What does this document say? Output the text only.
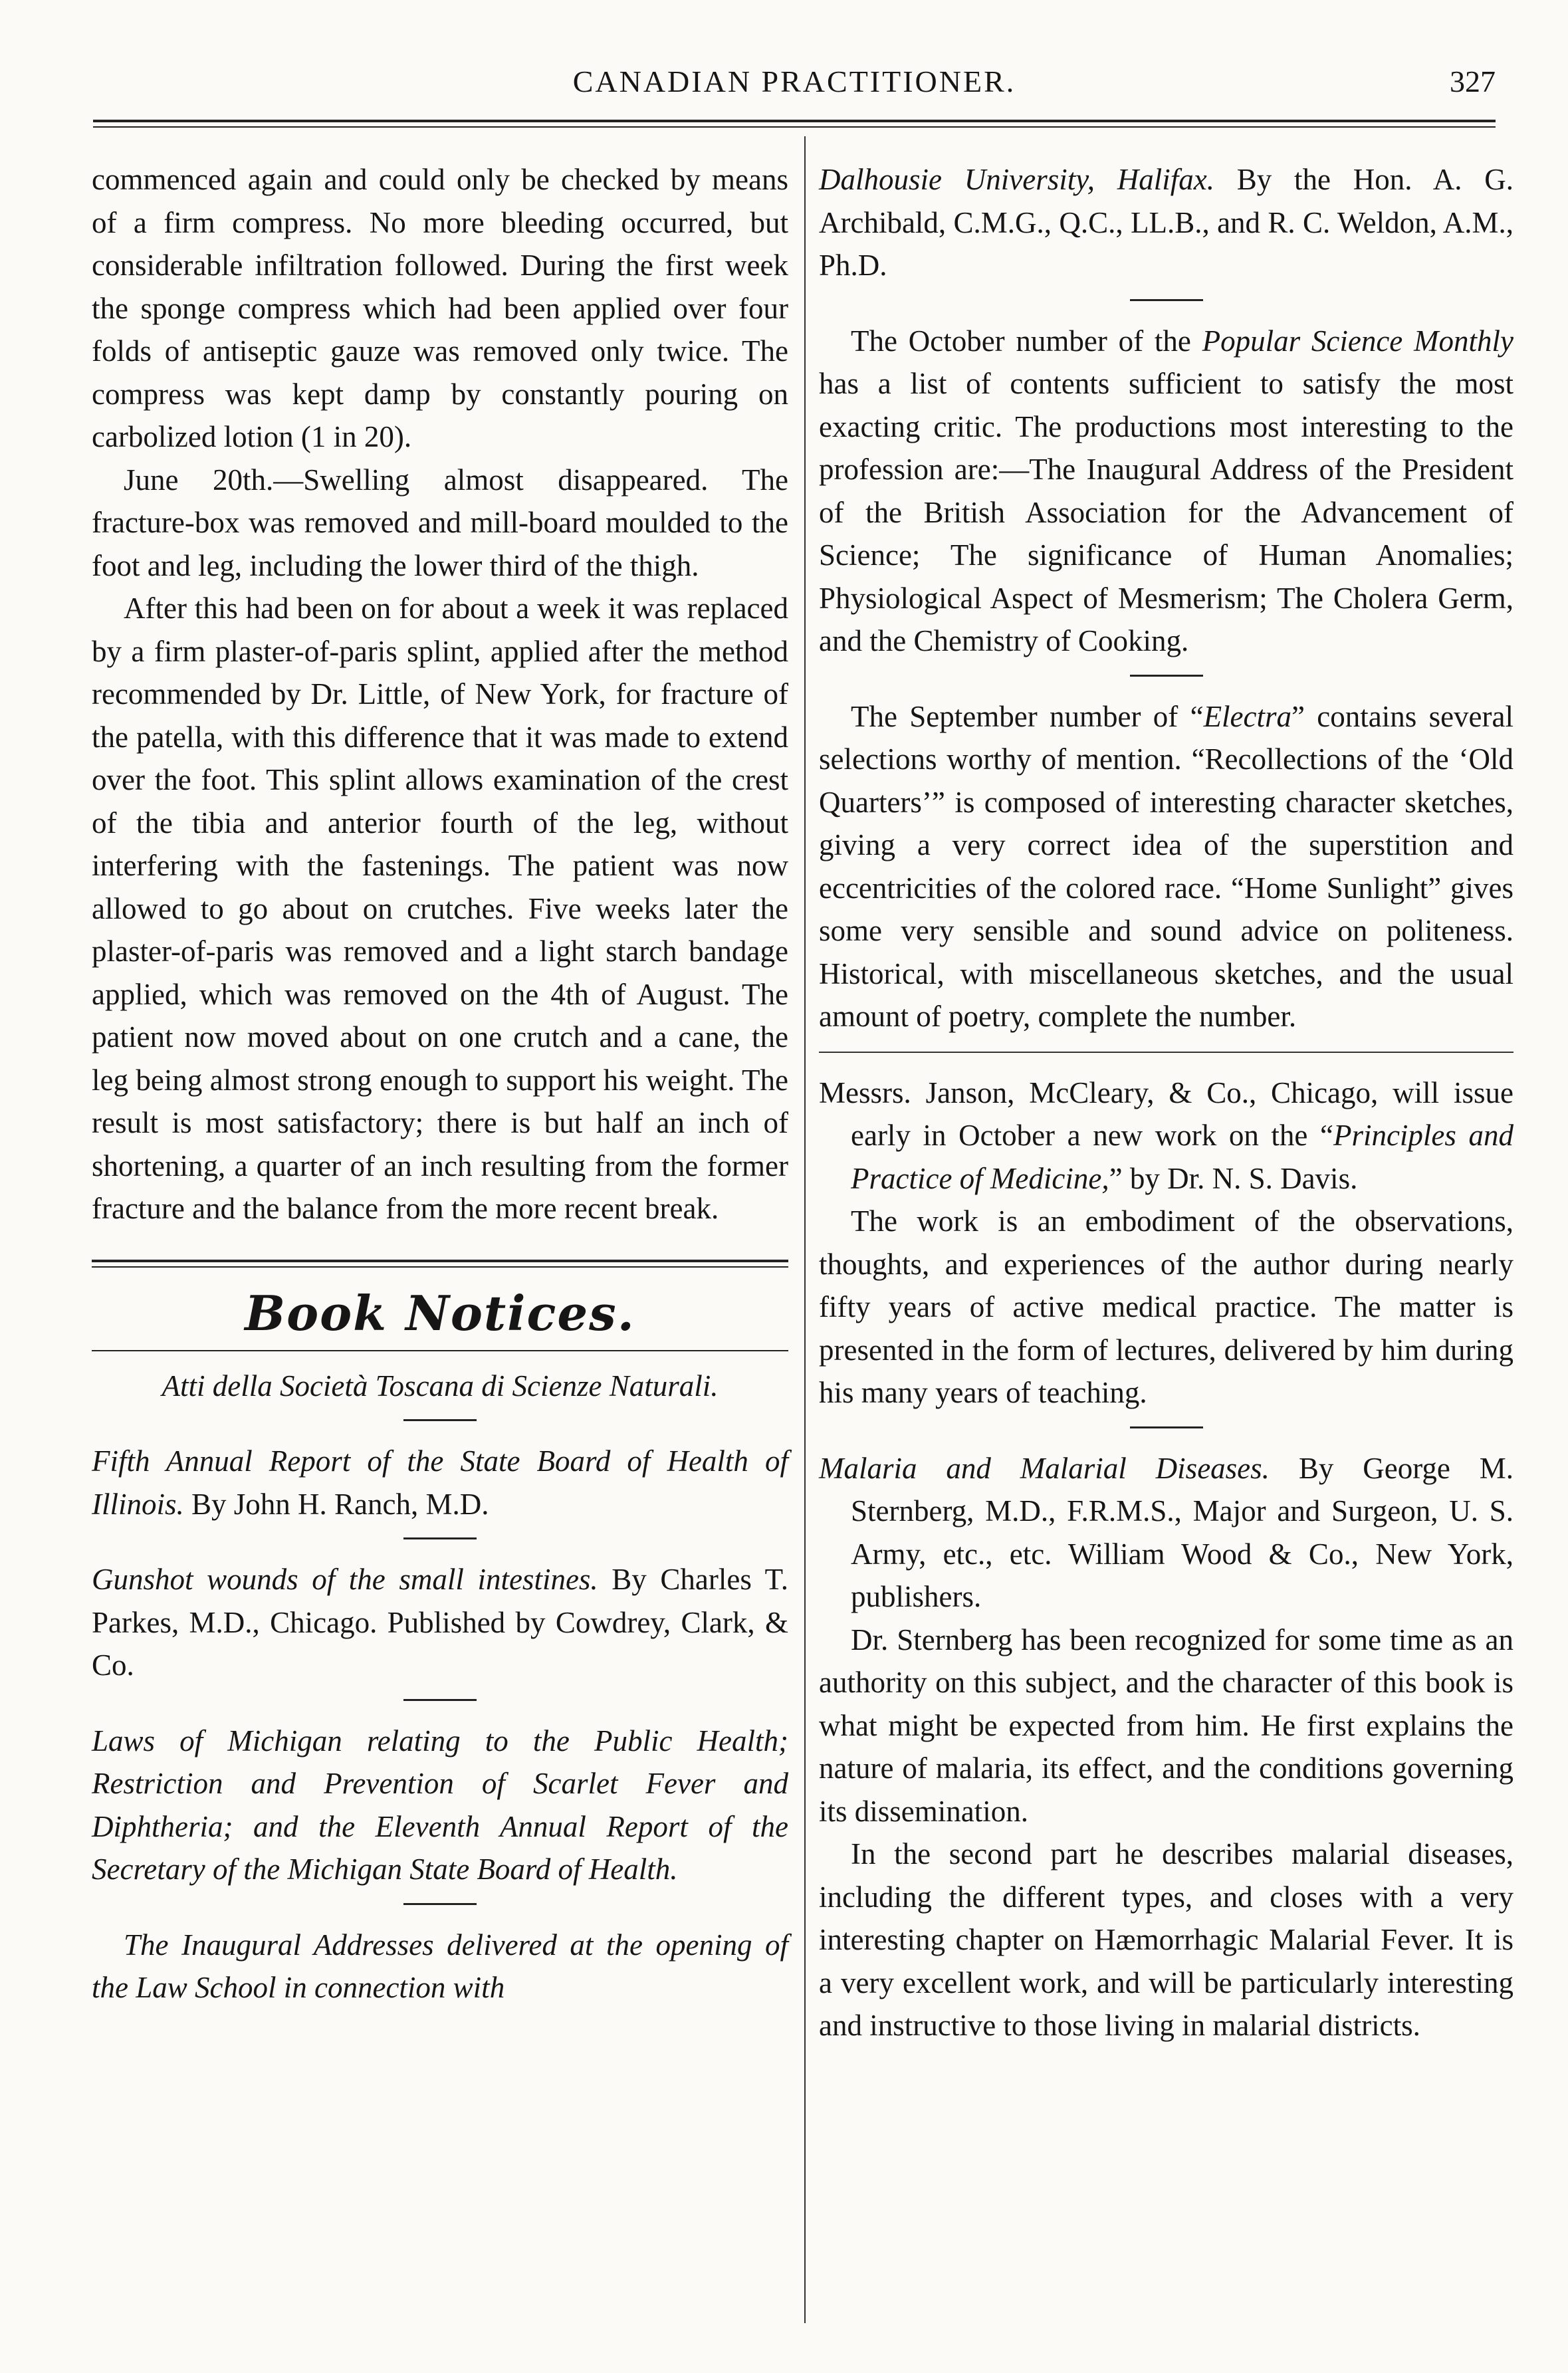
CANADIAN PRACTITIONER.	327

commenced again and could only be checked by means of a firm compress. No more bleeding occurred, but considerable infiltration followed. During the first week the sponge compress which had been applied over four folds of antiseptic gauze was removed only twice. The compress was kept damp by constantly pouring on carbolized lotion (1 in 20).

June 20th.—Swelling almost disappeared. The fracture-box was removed and mill-board moulded to the foot and leg, including the lower third of the thigh.

After this had been on for about a week it was replaced by a firm plaster-of-paris splint, applied after the method recommended by Dr. Little, of New York, for fracture of the patella, with this difference that it was made to extend over the foot. This splint allows examination of the crest of the tibia and anterior fourth of the leg, without interfering with the fastenings. The patient was now allowed to go about on crutches. Five weeks later the plaster-of-paris was removed and a light starch bandage applied, which was removed on the 4th of August. The patient now moved about on one crutch and a cane, the leg being almost strong enough to support his weight. The result is most satisfactory; there is but half an inch of shortening, a quarter of an inch resulting from the former fracture and the balance from the more recent break.

Book Notices.

Atti della Società Toscana di Scienze Naturali.

Fifth Annual Report of the State Board of Health of Illinois. By John H. Ranch, M.D.

Gunshot wounds of the small intestines. By Charles T. Parkes, M.D., Chicago. Published by Cowdrey, Clark, & Co.

Laws of Michigan relating to the Public Health; Restriction and Prevention of Scarlet Fever and Diphtheria; and the Eleventh Annual Report of the Secretary of the Michigan State Board of Health.

The Inaugural Addresses delivered at the opening of the Law School in connection with

Dalhousie University, Halifax. By the Hon. A. G. Archibald, C.M.G., Q.C., LL.B., and R. C. Weldon, A.M., Ph.D.

The October number of the Popular Science Monthly has a list of contents sufficient to satisfy the most exacting critic. The productions most interesting to the profession are:—The Inaugural Address of the President of the British Association for the Advancement of Science; The significance of Human Anomalies; Physiological Aspect of Mesmerism; The Cholera Germ, and the Chemistry of Cooking.

The September number of “Electra” contains several selections worthy of mention. “Recollections of the ‘Old Quarters’” is composed of interesting character sketches, giving a very correct idea of the superstition and eccentricities of the colored race. “Home Sunlight” gives some very sensible and sound advice on politeness. Historical, with miscellaneous sketches, and the usual amount of poetry, complete the number.

Messrs. Janson, McCleary, & Co., Chicago, will issue early in October a new work on the “Principles and Practice of Medicine,” by Dr. N. S. Davis.

The work is an embodiment of the observations, thoughts, and experiences of the author during nearly fifty years of active medical practice. The matter is presented in the form of lectures, delivered by him during his many years of teaching.

Malaria and Malarial Diseases. By George M. Sternberg, M.D., F.R.M.S., Major and Surgeon, U. S. Army, etc., etc. William Wood & Co., New York, publishers.

Dr. Sternberg has been recognized for some time as an authority on this subject, and the character of this book is what might be expected from him. He first explains the nature of malaria, its effect, and the conditions governing its dissemination.

In the second part he describes malarial diseases, including the different types, and closes with a very interesting chapter on Hæmorrhagic Malarial Fever. It is a very excellent work, and will be particularly interesting and instructive to those living in malarial districts.
